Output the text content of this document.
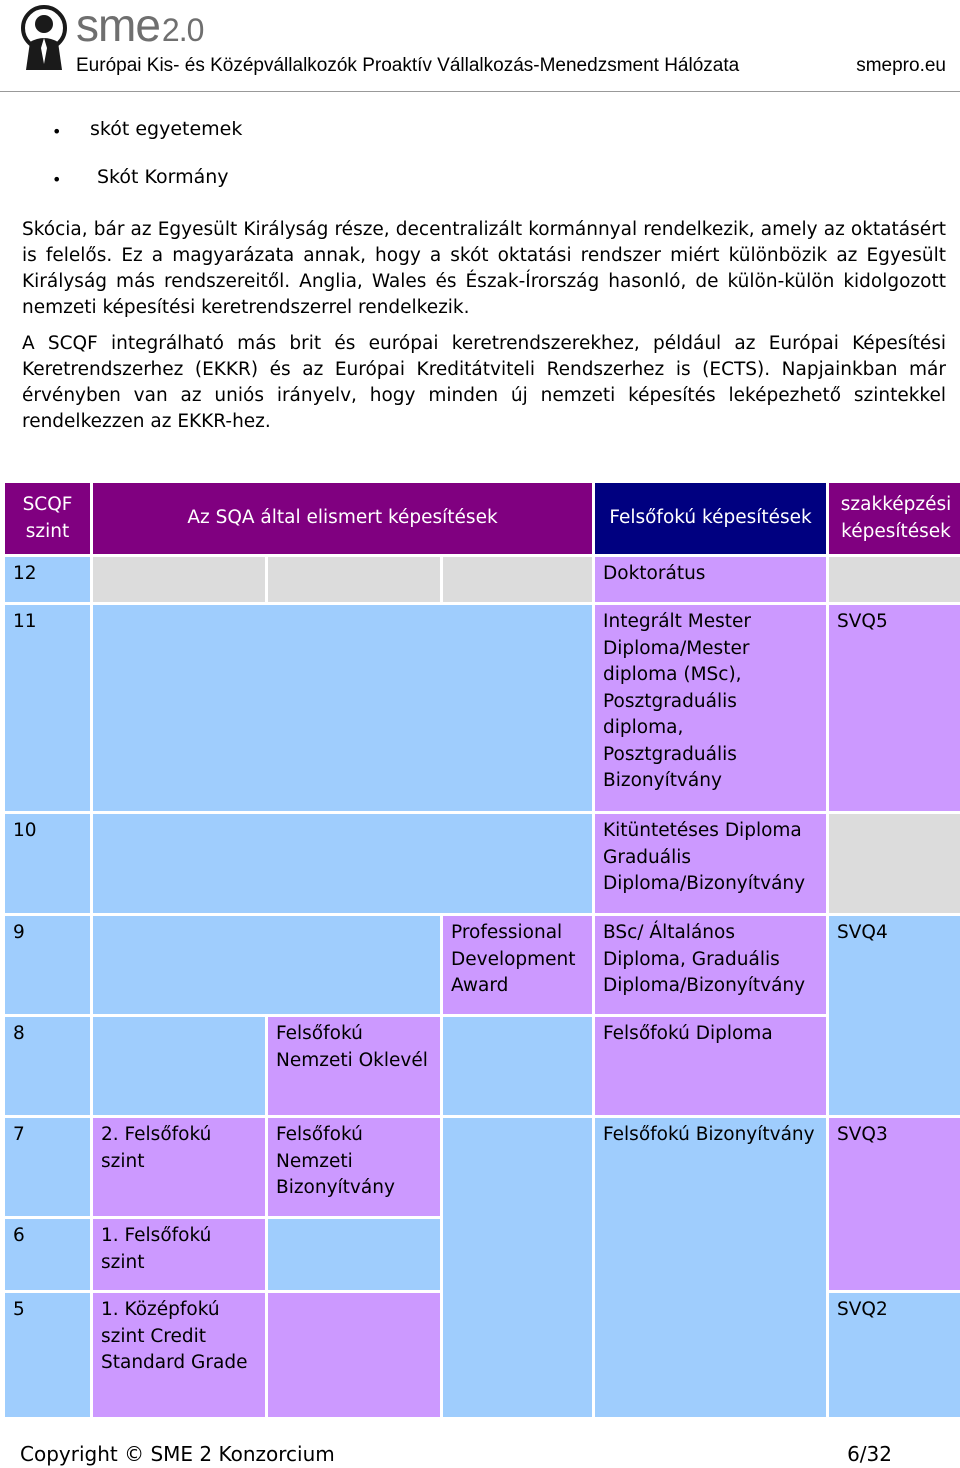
sme2.0
Európai Kis- és Középvállalkozók Proaktív Vállalkozás-Menedzsment Hálózata	smepro.eu
• skót egyetemek
• Skót Kormány

Skócia, bár az Egyesült Királyság része, decentralizált kormánnyal rendelkezik, amely az oktatásért is felelős. Ez a magyarázata annak, hogy a skót oktatási rendszer miért különbözik az Egyesült Királyság más rendszereitől. Anglia, Wales és Észak-Írország hasonló, de külön-külön kidolgozott nemzeti képesítési keretrendszerrel rendelkezik.

A SCQF integrálható más brit és európai keretrendszerekhez, például az Európai Képesítési Keretrendszerhez (EKKR) és az Európai Kreditátviteli Rendszerhez is (ECTS). Napjainkban már érvényben van az uniós irányelv, hogy minden új nemzeti képesítés leképezhető szintekkel rendelkezzen az EKKR-hez.

SCQF szint	Az SQA által elismert képesítések			Felsőfokú képesítések	szakképzési képesítések
12				Doktorátus	
11				Integrált Mester Diploma/Mester diploma (MSc), Posztgraduális diploma, Posztgraduális Bizonyítvány	SVQ5
10				Kitüntetéses Diploma Graduális Diploma/Bizonyítvány	
9			Professional Development Award	BSc/ Általános Diploma, Graduális Diploma/Bizonyítvány	SVQ4
8		Felsőfokú Nemzeti Oklevél		Felsőfokú Diploma	
7	2. Felsőfokú szint	Felsőfokú Nemzeti Bizonyítvány		Felsőfokú Bizonyítvány	SVQ3
6	1. Felsőfokú szint				
5	1. Középfokú szint Credit Standard Grade				SVQ2
Copyright © SME 2 Konzorcium	6/32
